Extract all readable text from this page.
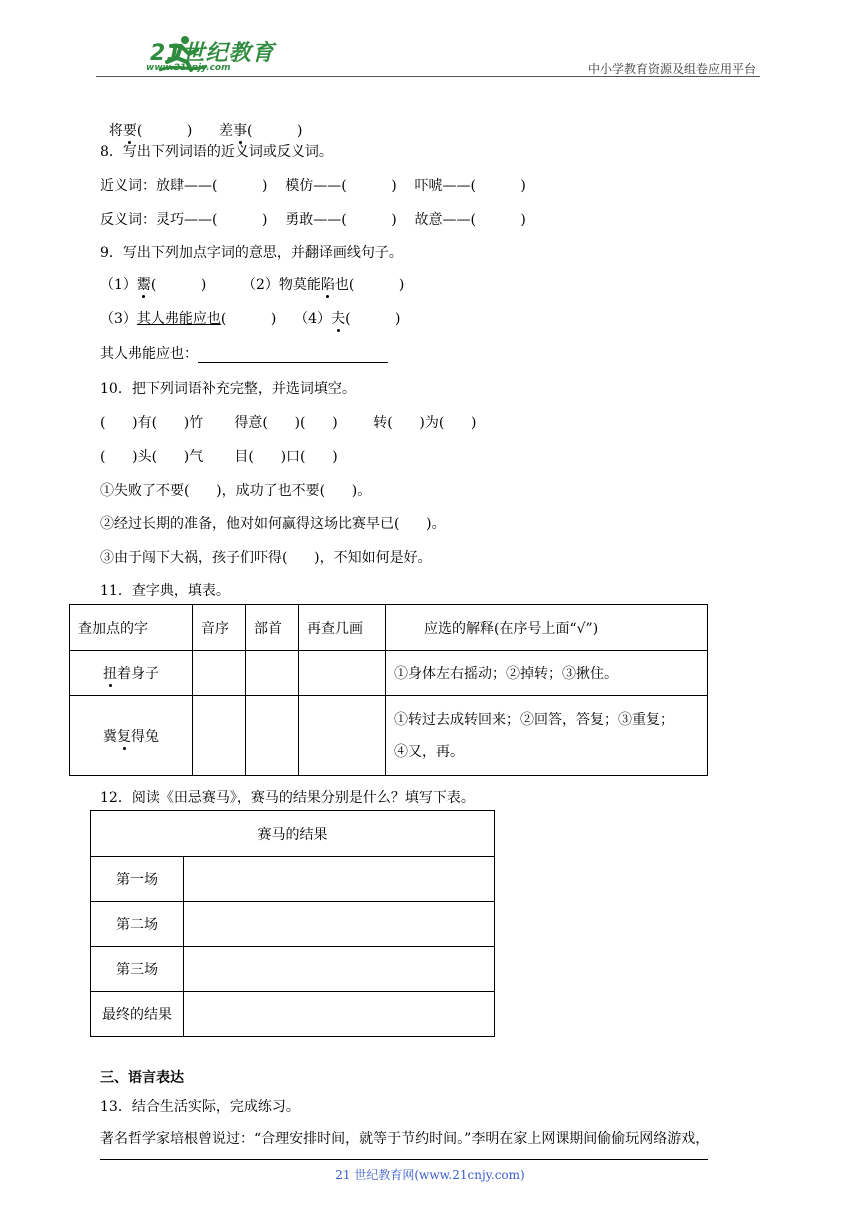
21世纪教育
www.21cnjy.com	中小学教育资源及组卷应用平台

将要(          ) 差事(          )

8．写出下列词语的近义词或反义词。
近义词：放肆——(          )    模仿——(          )    吓唬——(          )
反义词：灵巧——(          )    勇敢——(          )    故意——(          )
9．写出下列加点字词的意思，并翻译画线句子。
（1）鬻(          )        （2）物莫能陷也(          )
（3）其人弗能应也(          )    （4）夫(          )
其人弗能应也：
10．把下列词语补充完整，并选词填空。
(      )有(      )竹       得意(      )(      )        转(      )为(      )
(      )头(      )气       目(      )口(      )
①失败了不要(      )，成功了也不要(      )。
②经过长期的准备，他对如何赢得这场比赛早已(      )。
③由于闯下大祸，孩子们吓得(      )，不知如何是好。
11．查字典，填表。
查加点的字	音序	部首	再查几画	应选的解释(在序号上面“√”)
扭着身子				①身体左右摇动；②掉转；③揪住。
冀复得兔				①转过去成转回来；②回答，答复；③重复；
④又，再。
12．阅读《田忌赛马》，赛马的结果分别是什么？填写下表。
赛马的结果	
第一场	
第二场	
第三场	
最终的结果	
三、语言表达
13．结合生活实际，完成练习。
著名哲学家培根曾说过：“合理安排时间，就等于节约时间。”李明在家上网课期间偷偷玩网络游戏，
21 世纪教育网(www.21cnjy.com)
